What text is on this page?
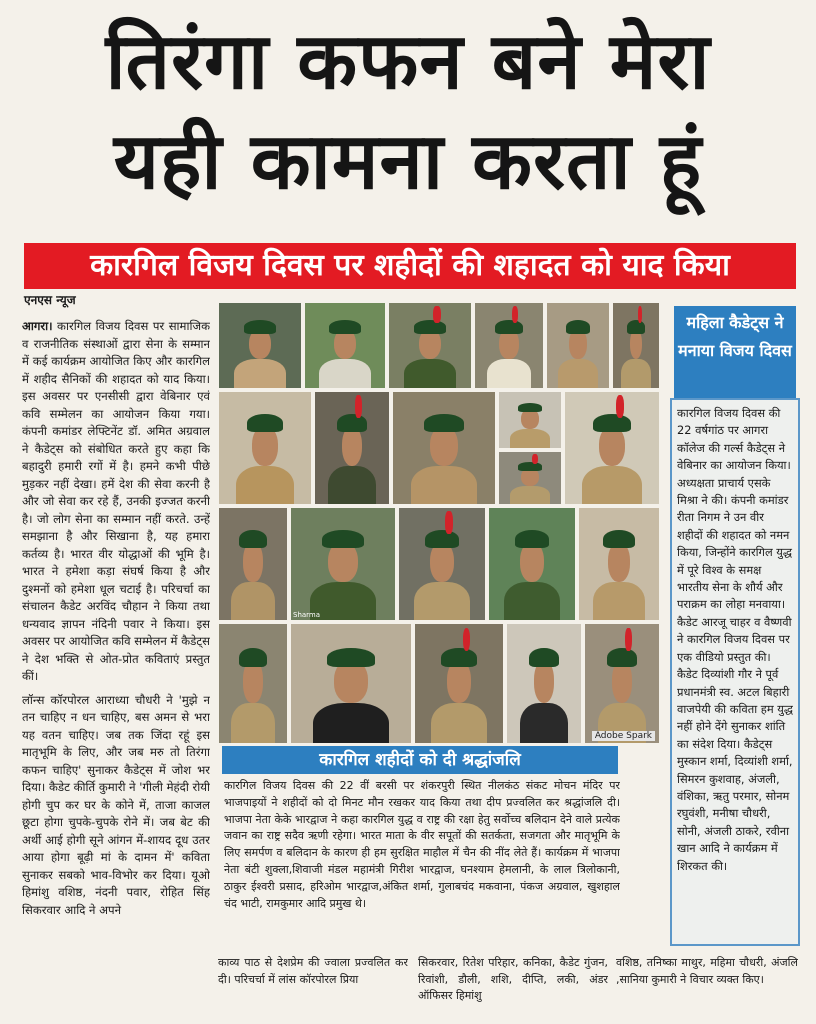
तिरंगा कफन बने मेरा
यही कामना करता हूं
कारगिल विजय दिवस पर शहीदों की शहादत को याद किया
एनएस न्यूज

आगरा। कारगिल विजय दिवस पर सामाजिक व राजनीतिक संस्थाओं द्वारा सेना के सम्मान में कई कार्यक्रम आयोजित किए और कारगिल में शहीद सैनिकों की शहादत को याद किया। इस अवसर पर एनसीसी द्वारा वेबिनार एवं कवि सम्मेलन का आयोजन किया गया। कंपनी कमांडर लेफ्टिनेंट डॉ. अमित अग्रवाल ने कैडेट्स को संबोधित करते हुए कहा कि बहादुरी हमारी रगों में है। हमने कभी पीछे मुड़कर नहीं देखा। हमें देश की सेवा करनी है और जो सेवा कर रहे हैं, उनकी इज्जत करनी है। जो लोग सेना का सम्मान नहीं करते. उन्हें समझाना है और सिखाना है, यह हमारा कर्तव्य है। भारत वीर योद्धाओं की भूमि है। भारत ने हमेशा कड़ा संघर्ष किया है और दुश्मनों को हमेशा धूल चटाई है। परिचर्चा का संचालन कैडेट अरविंद चौहान ने किया तथा धन्यवाद ज्ञापन नंदिनी पवार ने किया। इस अवसर पर आयोजित कवि सम्मेलन में कैडेट्स ने देश भक्ति से ओत-प्रोत कविताएं प्रस्तुत कीं।

लॉन्स कॉरपोरल आराध्या चौधरी ने 'मुझे न तन चाहिए न धन चाहिए, बस अमन से भरा यह वतन चाहिए। जब तक जिंदा रहूं इस मातृभूमि के लिए, और जब मरु तो तिरंगा कफन चाहिए' सुनाकर कैडेट्स में जोश भर दिया। कैडेट कीर्ति कुमारी ने 'गीली मेहंदी रोयी होगी चुप कर घर के कोने में, ताजा काजल छूटा होगा चुपके-चुपके रोने में। जब बेट की अर्थी आई होगी सूने आंगन में-शायद दूध उतर आया होगा बूढ़ी मां के दामन में' कविता सुनाकर सबको भाव-विभोर कर दिया। यूओ हिमांशु वशिष्ठ, नंदनी पवार, रोहित सिंह सिकरवार आदि ने अपने

Sharma
Adobe Spark
कारगिल शहीदों को दी श्रद्धांजलि
कारगिल विजय दिवस की 22 वीं बरसी पर शंकरपुरी स्थित नीलकंठ संकट मोचन मंदिर पर भाजपाइयों ने शहीदों को दो मिनट मौन रखकर याद किया तथा दीप प्रज्वलित कर श्रद्धांजलि दी। भाजपा नेता केके भारद्वाज ने कहा कारगिल युद्ध व राष्ट्र की रक्षा हेतु सर्वोच्च बलिदान देने वाले प्रत्येक जवान का राष्ट्र सदैव ऋणी रहेगा। भारत माता के वीर सपूतों की सतर्कता, सजगता और मातृभूमि के लिए समर्पण व बलिदान के कारण ही हम सुरक्षित माहौल में चैन की नींद लेते हैं। कार्यक्रम में भाजपा नेता बंटी शुक्ला,शिवाजी मंडल महामंत्री गिरीश भारद्वाज, घनश्याम हेमलानी, के लाल त्रिलोकानी, ठाकुर ईश्वरी प्रसाद, हरिओम भारद्वाज,अंकित शर्मा, गुलाबचंद मकवाना, पंकज अग्रवाल, खुशहाल चंद भाटी, रामकुमार आदि प्रमुख थे।
काव्य पाठ से देशप्रेम की ज्वाला प्रज्वलित कर दी। परिचर्चा में लांस कॉरपोरल प्रिया
सिकरवार, रितेश परिहार, कनिका, कैडेट गुंजन, रिवांशी, डौली, शशि, दीप्ति, लकी, अंडर ऑफिसर हिमांशु
वशिष्ठ, तनिष्का माथुर, महिमा चौधरी, अंजलि ,सानिया कुमारी ने विचार व्यक्त किए।
महिला कैडेट्स ने मनाया विजय दिवस
कारगिल विजय दिवस की 22 वर्षगांठ पर आगरा कॉलेज की गर्ल्स कैडेट्स ने वेबिनार का आयोजन किया। अध्यक्षता प्राचार्य एसके मिश्रा ने की। कंपनी कमांडर रीता निगम ने उन वीर शहीदों की शहादत को नमन किया, जिन्होंने कारगिल युद्ध में पूरे विश्व के समक्ष भारतीय सेना के शौर्य और पराक्रम का लोहा मनवाया। कैडेट आरजू चाहर व वैष्णवी ने कारगिल विजय दिवस पर एक वीडियो प्रस्तुत की। कैडेट दिव्यांशी गौर ने पूर्व प्रधानमंत्री स्व. अटल बिहारी वाजपेयी की कविता हम युद्ध नहीं होने देंगे सुनाकर शांति का संदेश दिया। कैडेट्स मुस्कान शर्मा, दिव्यांशी शर्मा, सिमरन कुशवाह, अंजली, वंशिका, ऋतु परमार, सोनम रघुवंशी, मनीषा चौधरी, सोनी, अंजली ठाकरे, रवीना खान आदि ने कार्यक्रम में शिरकत की।
